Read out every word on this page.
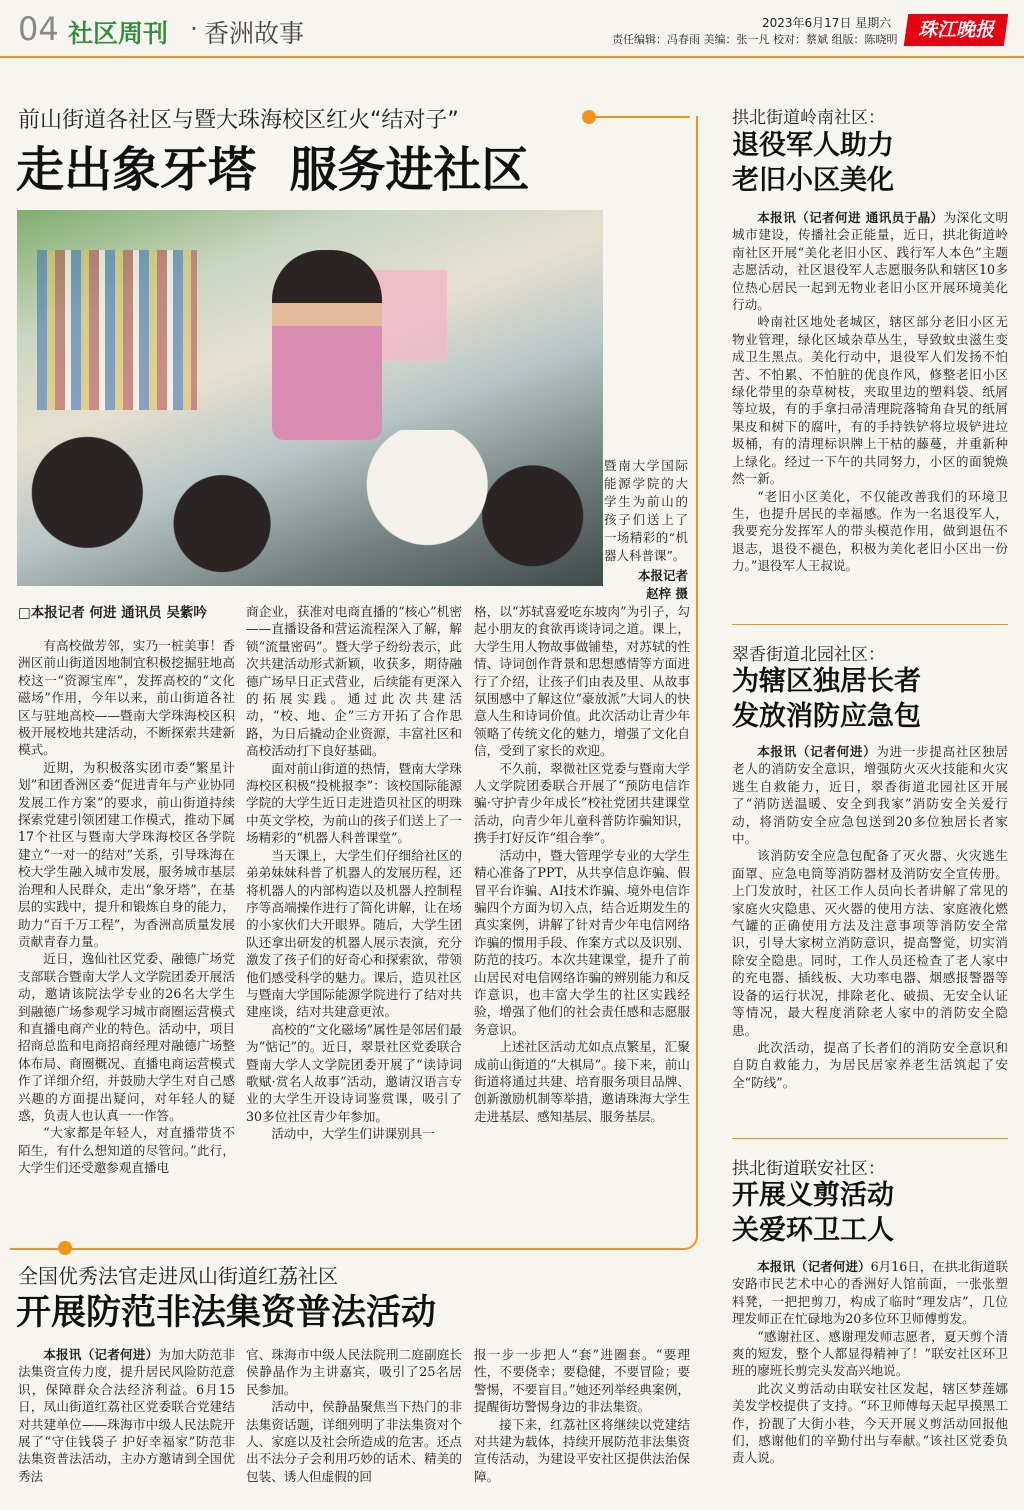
04 社区周刊 · 香洲故事	2023年6月17日 星期六
责任编辑：冯春雨 美编：张一凡 校对：蔡斌 组版：陈晓明	珠江晚报
前山街道各社区与暨大珠海校区红火“结对子”
走出象牙塔  服务进社区
暨南大学国际能源学院的大学生为前山的孩子们送上了一场精彩的“机器人科普课”。
本报记者
赵梓 摄
□本报记者 何进 通讯员 吴紫吟

有高校做芳邻，实乃一桩美事！香洲区前山街道因地制宜积极挖掘驻地高校这一“资源宝库”，发挥高校的“文化磁场”作用，今年以来，前山街道各社区与驻地高校——暨南大学珠海校区积极开展校地共建活动，不断探索共建新模式。

近期，为积极落实团市委“繁星计划”和团香洲区委“促进青年与产业协同发展工作方案”的要求，前山街道持续探索党建引领团建工作模式，推动下属17个社区与暨南大学珠海校区各学院建立“一对一的结对”关系，引导珠海在校大学生融入城市发展，服务城市基层治理和人民群众，走出“象牙塔”，在基层的实践中，提升和锻炼自身的能力，助力“百千万工程”，为香洲高质量发展贡献青春力量。

近日，逸仙社区党委、融德广场党支部联合暨南大学人文学院团委开展活动，邀请该院法学专业的26名大学生到融德广场参观学习城市商圈运营模式和直播电商产业的特色。活动中，项目招商总监和电商招商经理对融德广场整体布局、商圈概况、直播电商运营模式作了详细介绍，并鼓励大学生对自己感兴趣的方面提出疑问，对年轻人的疑惑，负责人也认真一一作答。

“大家都是年轻人，对直播带货不陌生，有什么想知道的尽管问。”此行，大学生们还受邀参观直播电

商企业，获准对电商直播的“核心”机密——直播设备和营运流程深入了解，解锁“流量密码”。暨大学子纷纷表示，此次共建活动形式新颖，收获多，期待融德广场早日正式营业，后续能有更深入的拓展实践。通过此次共建活动，“校、地、企”三方开拓了合作思路，为日后撬动企业资源，丰富社区和高校活动打下良好基础。

面对前山街道的热情，暨南大学珠海校区积极“投桃报李”：该校国际能源学院的大学生近日走进造贝社区的明珠中英文学校，为前山的孩子们送上了一场精彩的“机器人科普课堂”。

当天课上，大学生们仔细给社区的弟弟妹妹科普了机器人的发展历程，还将机器人的内部构造以及机器人控制程序等高端操作进行了简化讲解，让在场的小家伙们大开眼界。随后，大学生团队还拿出研发的机器人展示表演，充分激发了孩子们的好奇心和探索欲，带领他们感受科学的魅力。课后，造贝社区与暨南大学国际能源学院进行了结对共建座谈，结对共建意更浓。

高校的“文化磁场”属性是邻居们最为“惦记”的。近日，翠景社区党委联合暨南大学人文学院团委开展了“读诗词歌赋·赏名人故事”活动，邀请汉语言专业的大学生开设诗词鉴赏课，吸引了30多位社区青少年参加。

活动中，大学生们讲课别具一

格，以“苏轼喜爱吃东坡肉”为引子，勾起小朋友的食欲再谈诗词之道。课上，大学生用人物故事做铺垫，对苏轼的性情、诗词创作背景和思想感情等方面进行了介绍，让孩子们由表及里、从故事氛围感中了解这位“豪放派”大词人的快意人生和诗词价值。此次活动让青少年领略了传统文化的魅力，增强了文化自信，受到了家长的欢迎。

不久前，翠微社区党委与暨南大学人文学院团委联合开展了“预防电信诈骗·守护青少年成长”校社党团共建课堂活动，向青少年儿童科普防诈骗知识，携手打好反诈“组合拳”。

活动中，暨大管理学专业的大学生精心准备了PPT，从共享信息诈骗、假冒平台诈骗、AI技术诈骗、境外电信诈骗四个方面为切入点，结合近期发生的真实案例，讲解了针对青少年电信网络诈骗的惯用手段、作案方式以及识别、防范的技巧。本次共建课堂，提升了前山居民对电信网络诈骗的辨别能力和反诈意识，也丰富大学生的社区实践经验，增强了他们的社会责任感和志愿服务意识。

上述社区活动尤如点点繁星，汇聚成前山街道的“大棋局”。接下来，前山街道将通过共建、培育服务项目品牌、创新激励机制等举措，邀请珠海大学生走进基层、感知基层、服务基层。

全国优秀法官走进凤山街道红荔社区
开展防范非法集资普法活动

本报讯（记者何进）为加大防范非法集资宣传力度，提升居民风险防范意识，保障群众合法经济利益。6月15日，凤山街道红荔社区党委联合党建结对共建单位——珠海市中级人民法院开展了“守住钱袋子 护好幸福家”防范非法集资普法活动，主办方邀请到全国优秀法

官、珠海市中级人民法院刑二庭副庭长侯静晶作为主讲嘉宾，吸引了25名居民参加。

活动中，侯静晶聚焦当下热门的非法集资话题，详细列明了非法集资对个人、家庭以及社会所造成的危害。还点出不法分子会利用巧妙的话术、精美的包装、诱人但虚假的回

报一步一步把人“套”进圈套。“要理性，不要侥幸；要稳健，不要冒险；要警惕，不要盲目。”她还列举经典案例，提醒街坊警惕身边的非法集资。

接下来，红荔社区将继续以党建结对共建为载体，持续开展防范非法集资宣传活动，为建设平安社区提供法治保障。

拱北街道岭南社区：
退役军人助力
老旧小区美化

本报讯（记者何进 通讯员于晶）为深化文明城市建设，传播社会正能量，近日，拱北街道岭南社区开展“美化老旧小区、践行军人本色”主题志愿活动，社区退役军人志愿服务队和辖区10多位热心居民一起到无物业老旧小区开展环境美化行动。

岭南社区地处老城区，辖区部分老旧小区无物业管理，绿化区域杂草丛生，导致蚊虫滋生变成卫生黑点。美化行动中，退役军人们发扬不怕苦、不怕累、不怕脏的优良作风，修整老旧小区绿化带里的杂草树枝，夹取里边的塑料袋、纸屑等垃圾，有的手拿扫帚清理院落犄角旮旯的纸屑果皮和树下的腐叶，有的手持铁铲将垃圾铲进垃圾桶，有的清理标识牌上干枯的藤蔓，并重新种上绿化。经过一下午的共同努力，小区的面貌焕然一新。

“老旧小区美化，不仅能改善我们的环境卫生，也提升居民的幸福感。作为一名退役军人，我要充分发挥军人的带头模范作用，做到退伍不退志，退役不褪色，积极为美化老旧小区出一份力。”退役军人王叔说。

翠香街道北园社区：
为辖区独居长者
发放消防应急包

本报讯（记者何进）为进一步提高社区独居老人的消防安全意识，增强防火灭火技能和火灾逃生自救能力，近日，翠香街道北园社区开展了“消防送温暖、安全到我家”消防安全关爱行动，将消防安全应急包送到20多位独居长者家中。

该消防安全应急包配备了灭火器、火灾逃生面罩、应急电筒等消防器材及消防安全宣传册。上门发放时，社区工作人员向长者讲解了常见的家庭火灾隐患、灭火器的使用方法、家庭液化燃气罐的正确使用方法及注意事项等消防安全常识，引导大家树立消防意识，提高警觉，切实消除安全隐患。同时，工作人员还检查了老人家中的充电器、插线板、大功率电器、烟感报警器等设备的运行状况，排除老化、破损、无安全认证等情况，最大程度消除老人家中的消防安全隐患。

此次活动，提高了长者们的消防安全意识和自防自救能力，为居民居家养老生活筑起了安全“防线”。

拱北街道联安社区：
开展义剪活动
关爱环卫工人

本报讯（记者何进）6月16日，在拱北街道联安路市民艺术中心的香洲好人馆前面，一张张塑料凳，一把把剪刀，构成了临时“理发店”，几位理发师正在忙碌地为20多位环卫师傅剪发。

“感谢社区、感谢理发师志愿者，夏天剪个清爽的短发，整个人都显得精神了！”联安社区环卫班的廖班长剪完头发高兴地说。

此次义剪活动由联安社区发起，辖区梦莲娜美发学校提供了支持。“环卫师傅每天起早摸黑工作，扮靓了大街小巷，今天开展义剪活动回报他们，感谢他们的辛勤付出与奉献。”该社区党委负责人说。
